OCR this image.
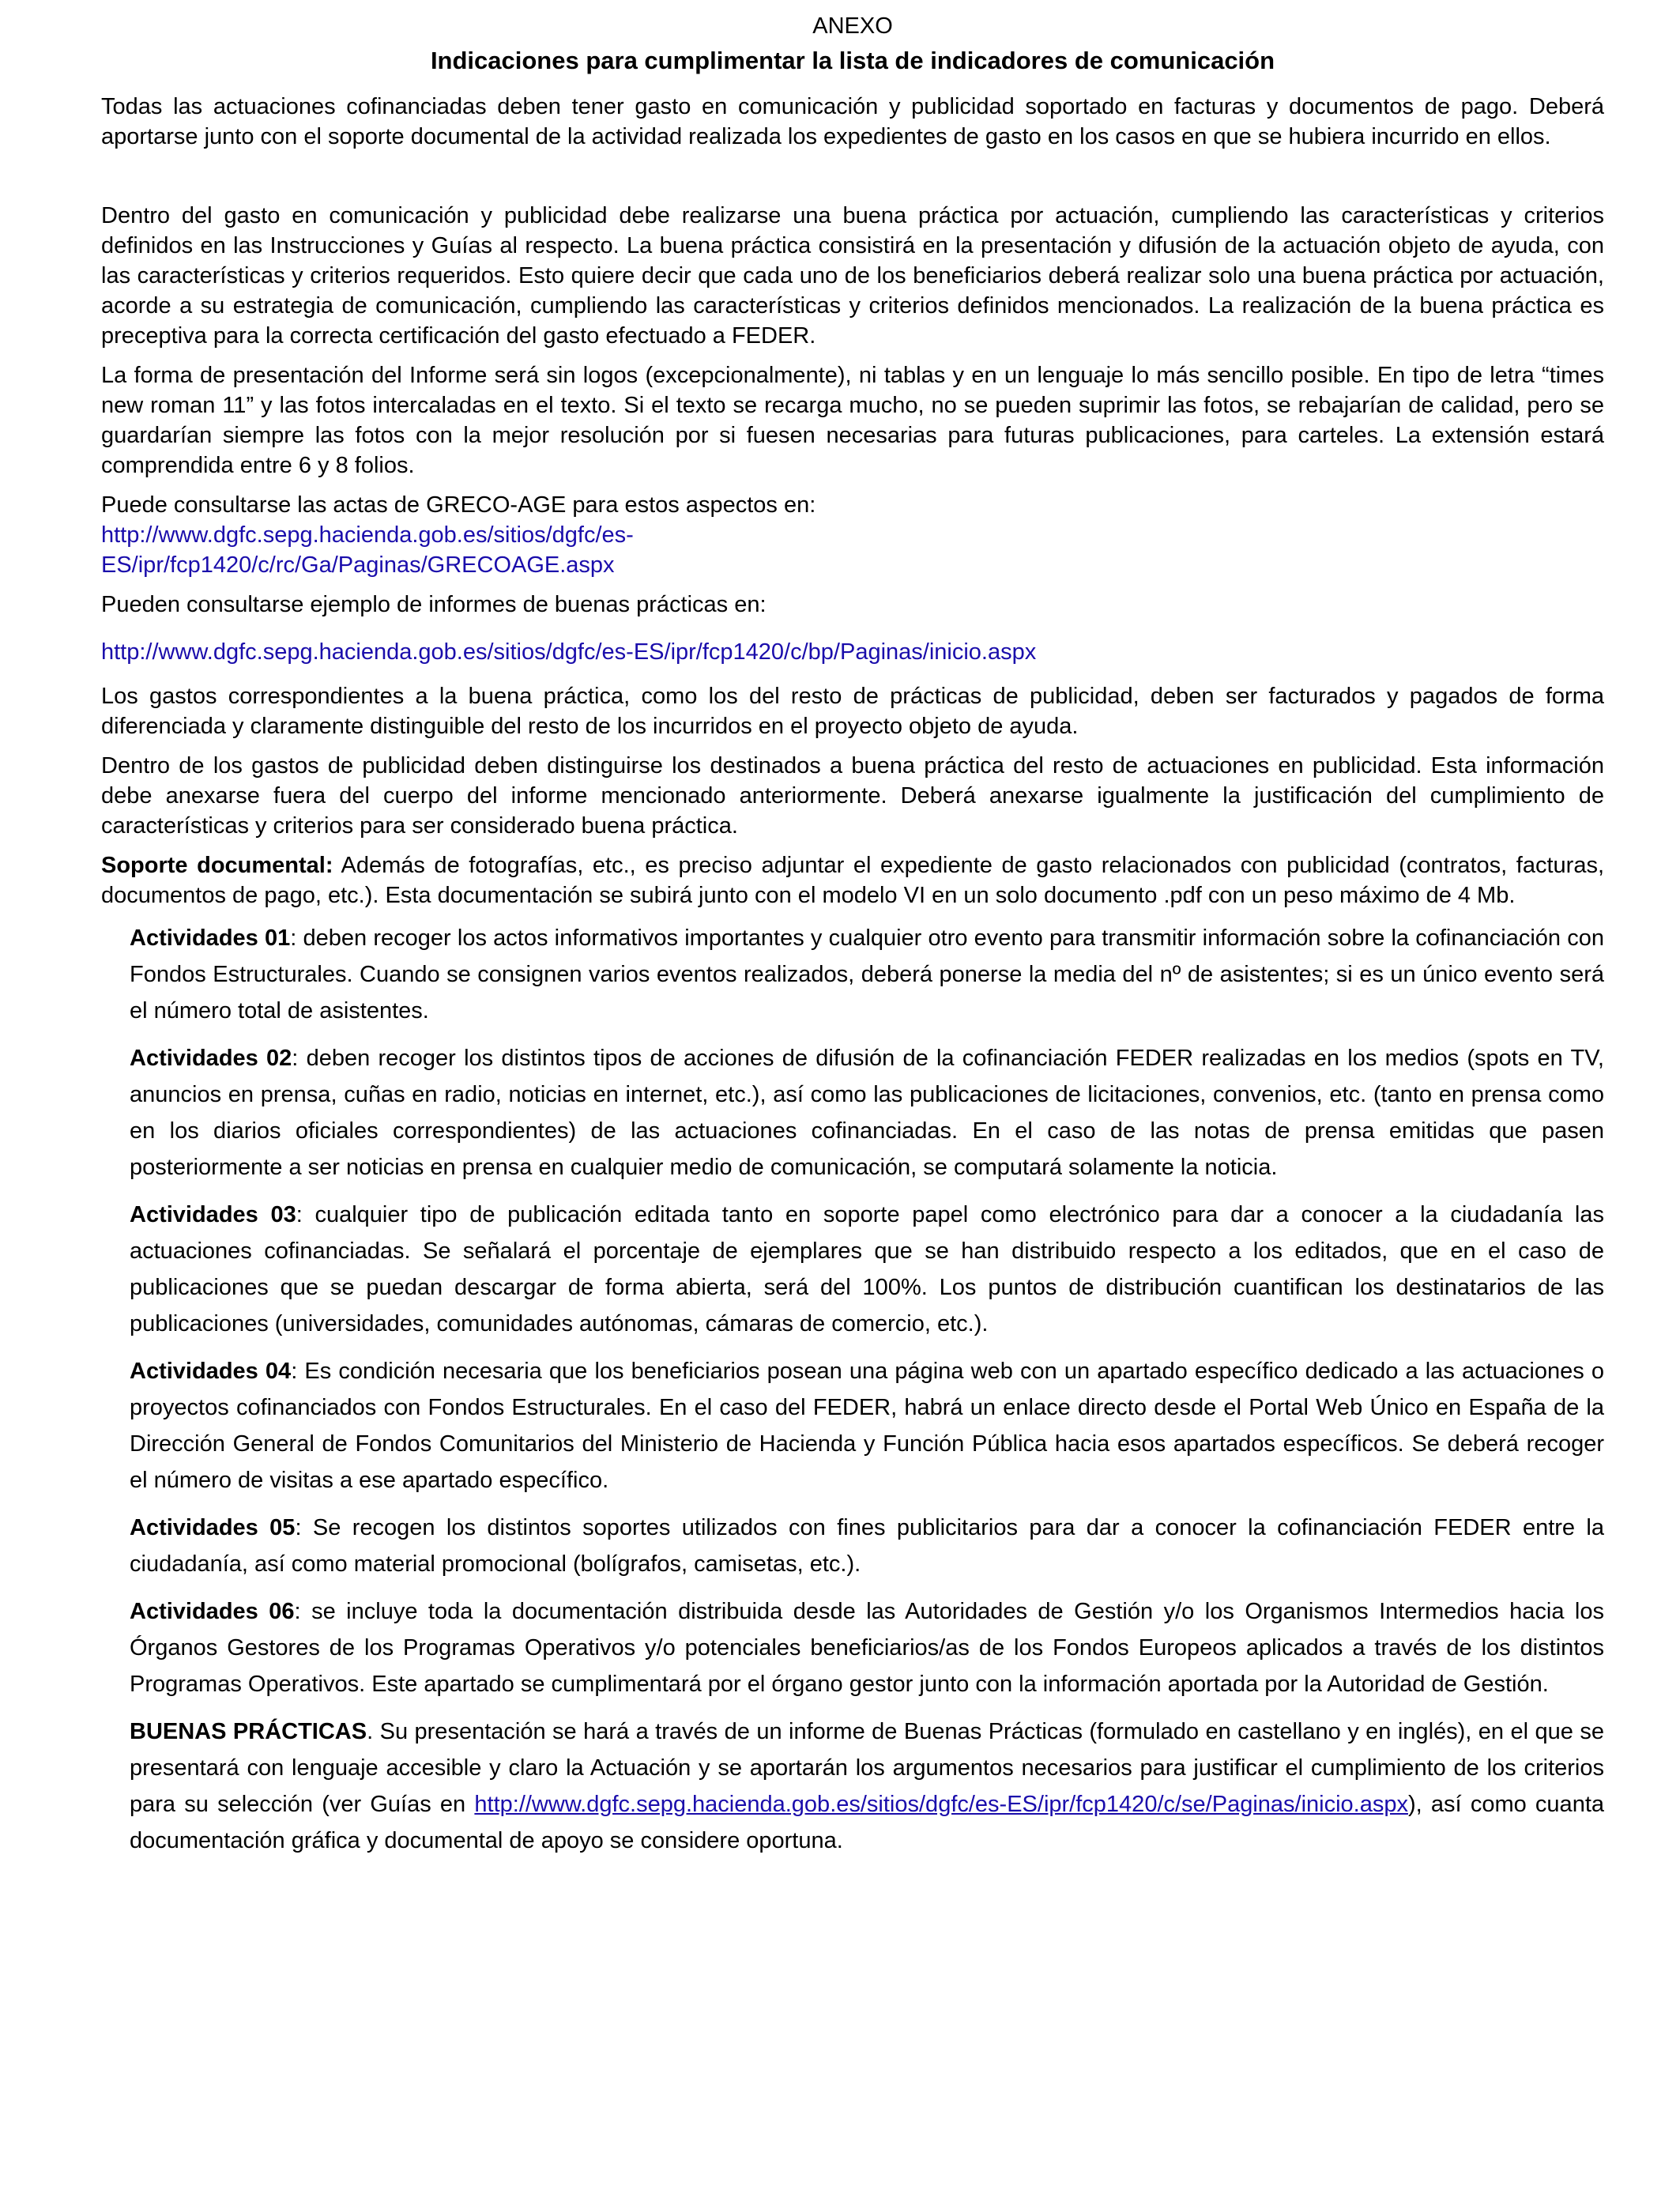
ANEXO
Indicaciones para cumplimentar la lista de indicadores de comunicación

Todas las actuaciones cofinanciadas deben tener gasto en comunicación y publicidad soportado en facturas y documentos de pago. Deberá aportarse junto con el soporte documental de la actividad realizada los expedientes de gasto en los casos en que se hubiera incurrido en ellos.

Dentro del gasto en comunicación y publicidad debe realizarse una buena práctica por actuación, cumpliendo las características y criterios definidos en las Instrucciones y Guías al respecto. La buena práctica consistirá en la presentación y difusión de la actuación objeto de ayuda, con las características y criterios requeridos. Esto quiere decir que cada uno de los beneficiarios deberá realizar solo una buena práctica por actuación, acorde a su estrategia de comunicación, cumpliendo las características y criterios definidos mencionados. La realización de la buena práctica es preceptiva para la correcta certificación del gasto efectuado a FEDER.

La forma de presentación del Informe será sin logos (excepcionalmente), ni tablas y en un lenguaje lo más sencillo posible. En tipo de letra “times new roman 11” y las fotos intercaladas en el texto. Si el texto se recarga mucho, no se pueden suprimir las fotos, se rebajarían de calidad, pero se guardarían siempre las fotos con la mejor resolución por si fuesen necesarias para futuras publicaciones, para carteles. La extensión estará comprendida entre 6 y 8 folios.

Puede consultarse las actas de GRECO-AGE para estos aspectos en:
http://www.dgfc.sepg.hacienda.gob.es/sitios/dgfc/es-
ES/ipr/fcp1420/c/rc/Ga/Paginas/GRECOAGE.aspx

Pueden consultarse ejemplo de informes de buenas prácticas en:

http://www.dgfc.sepg.hacienda.gob.es/sitios/dgfc/es-ES/ipr/fcp1420/c/bp/Paginas/inicio.aspx

Los gastos correspondientes a la buena práctica, como los del resto de prácticas de publicidad, deben ser facturados y pagados de forma diferenciada y claramente distinguible del resto de los incurridos en el proyecto objeto de ayuda.

Dentro de los gastos de publicidad deben distinguirse los destinados a buena práctica del resto de actuaciones en publicidad. Esta información debe anexarse fuera del cuerpo del informe mencionado anteriormente. Deberá anexarse igualmente la justificación del cumplimiento de características y criterios para ser considerado buena práctica.

Soporte documental: Además de fotografías, etc., es preciso adjuntar el expediente de gasto relacionados con publicidad (contratos, facturas, documentos de pago, etc.). Esta documentación se subirá junto con el modelo VI en un solo documento .pdf con un peso máximo de 4 Mb.

Actividades 01: deben recoger los actos informativos importantes y cualquier otro evento para transmitir información sobre la cofinanciación con Fondos Estructurales. Cuando se consignen varios eventos realizados, deberá ponerse la media del nº de asistentes; si es un único evento será el número total de asistentes.

Actividades 02: deben recoger los distintos tipos de acciones de difusión de la cofinanciación FEDER realizadas en los medios (spots en TV, anuncios en prensa, cuñas en radio, noticias en internet, etc.), así como las publicaciones de licitaciones, convenios, etc. (tanto en prensa como en los diarios oficiales correspondientes) de las actuaciones cofinanciadas. En el caso de las notas de prensa emitidas que pasen posteriormente a ser noticias en prensa en cualquier medio de comunicación, se computará solamente la noticia.

Actividades 03: cualquier tipo de publicación editada tanto en soporte papel como electrónico para dar a conocer a la ciudadanía las actuaciones cofinanciadas. Se señalará el porcentaje de ejemplares que se han distribuido respecto a los editados, que en el caso de publicaciones que se puedan descargar de forma abierta, será del 100%. Los puntos de distribución cuantifican los destinatarios de las publicaciones (universidades, comunidades autónomas, cámaras de comercio, etc.).

Actividades 04: Es condición necesaria que los beneficiarios posean una página web con un apartado específico dedicado a las actuaciones o proyectos cofinanciados con Fondos Estructurales. En el caso del FEDER, habrá un enlace directo desde el Portal Web Único en España de la Dirección General de Fondos Comunitarios del Ministerio de Hacienda y Función Pública hacia esos apartados específicos. Se deberá recoger el número de visitas a ese apartado específico.

Actividades 05: Se recogen los distintos soportes utilizados con fines publicitarios para dar a conocer la cofinanciación FEDER entre la ciudadanía, así como material promocional (bolígrafos, camisetas, etc.).

Actividades 06: se incluye toda la documentación distribuida desde las Autoridades de Gestión y/o los Organismos Intermedios hacia los Órganos Gestores de los Programas Operativos y/o potenciales beneficiarios/as de los Fondos Europeos aplicados a través de los distintos Programas Operativos. Este apartado se cumplimentará por el órgano gestor junto con la información aportada por la Autoridad de Gestión.

BUENAS PRÁCTICAS. Su presentación se hará a través de un informe de Buenas Prácticas (formulado en castellano y en inglés), en el que se presentará con lenguaje accesible y claro la Actuación y se aportarán los argumentos necesarios para justificar el cumplimiento de los criterios para su selección (ver Guías en http://www.dgfc.sepg.hacienda.gob.es/sitios/dgfc/es-ES/ipr/fcp1420/c/se/Paginas/inicio.aspx), así como cuanta documentación gráfica y documental de apoyo se considere oportuna.
